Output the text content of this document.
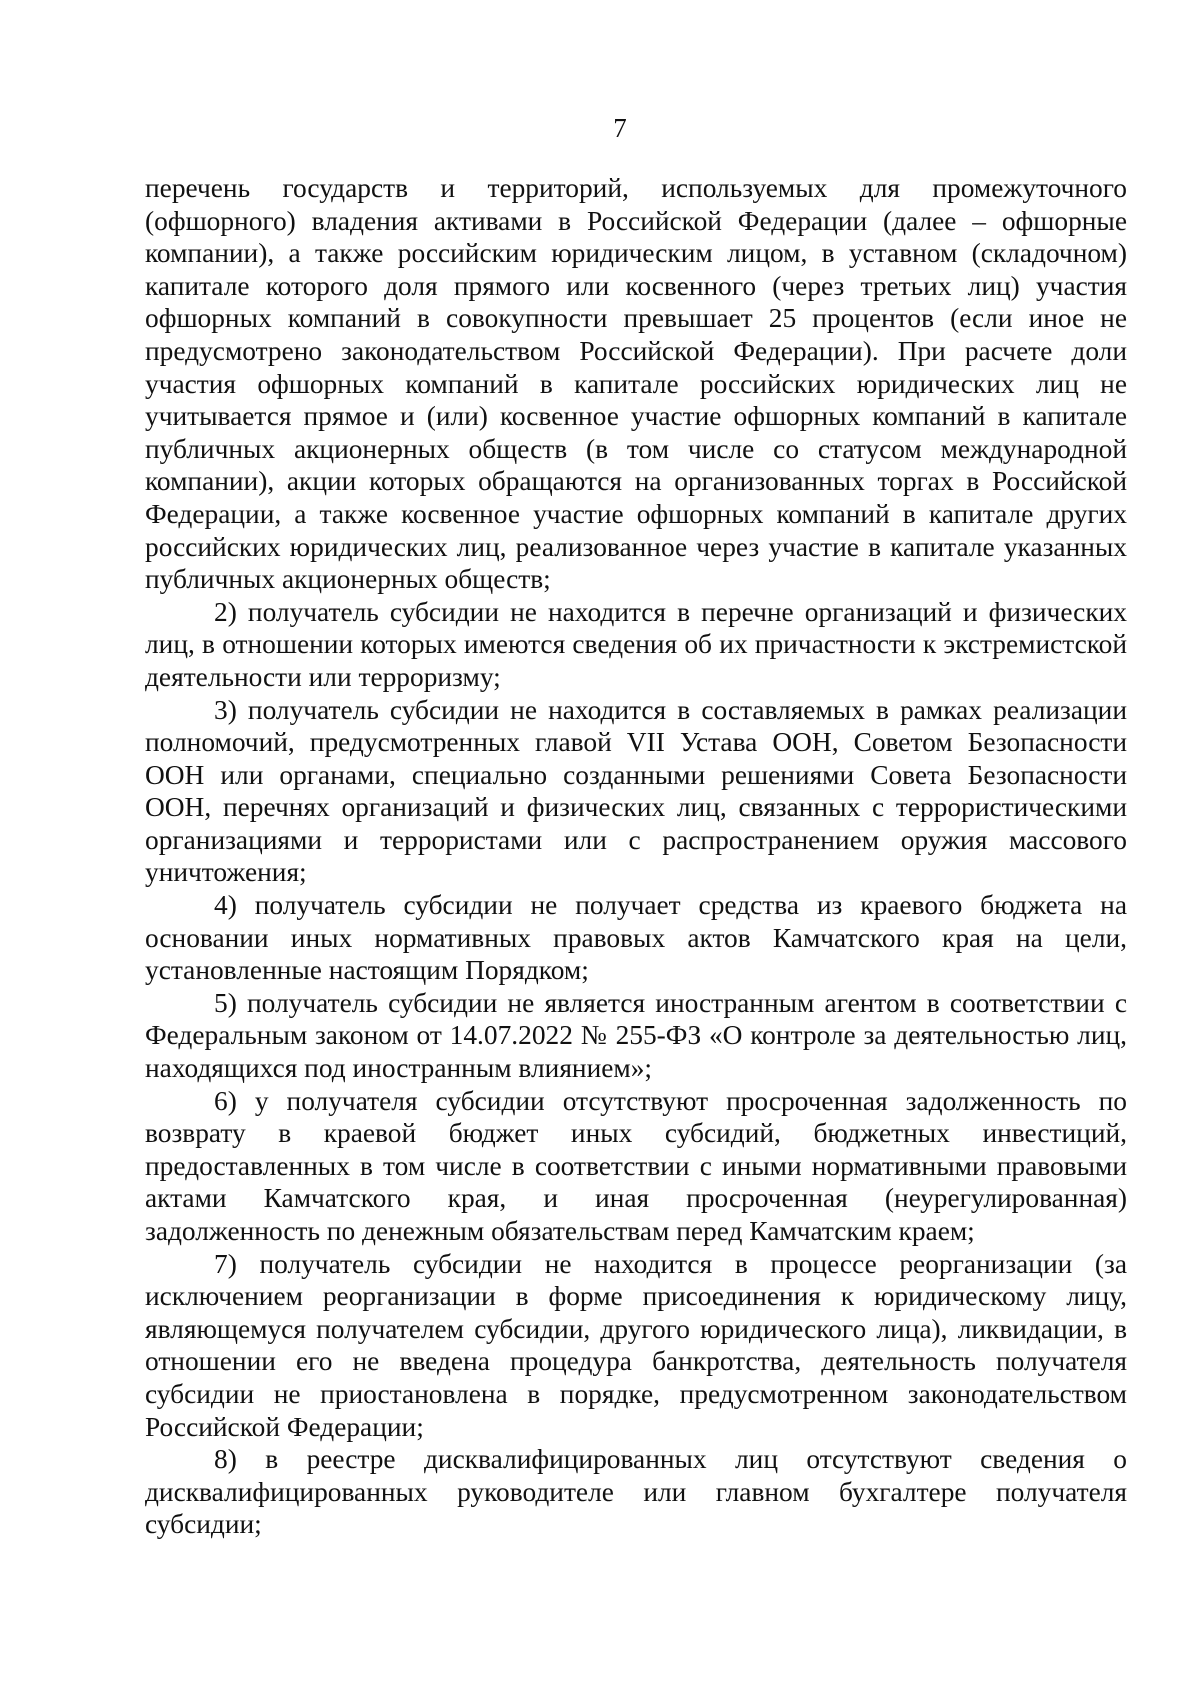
7

перечень государств и территорий, используемых для промежуточного (офшорного) владения активами в Российской Федерации (далее – офшорные компании), а также российским юридическим лицом, в уставном (складочном) капитале которого доля прямого или косвенного (через третьих лиц) участия офшорных компаний в совокупности превышает 25 процентов (если иное не предусмотрено законодательством Российской Федерации). При расчете доли участия офшорных компаний в капитале российских юридических лиц не учитывается прямое и (или) косвенное участие офшорных компаний в капитале публичных акционерных обществ (в том числе со статусом международной компании), акции которых обращаются на организованных торгах в Российской Федерации, а также косвенное участие офшорных компаний в капитале других российских юридических лиц, реализованное через участие в капитале указанных публичных акционерных обществ;

2) получатель субсидии не находится в перечне организаций и физических лиц, в отношении которых имеются сведения об их причастности к экстремистской деятельности или терроризму;

3) получатель субсидии не находится в составляемых в рамках реализации полномочий, предусмотренных главой VII Устава ООН, Советом Безопасности ООН или органами, специально созданными решениями Совета Безопасности ООН, перечнях организаций и физических лиц, связанных с террористическими организациями и террористами или с распространением оружия массового уничтожения;

4) получатель субсидии не получает средства из краевого бюджета на основании иных нормативных правовых актов Камчатского края на цели, установленные настоящим Порядком;

5) получатель субсидии не является иностранным агентом в соответствии с Федеральным законом от 14.07.2022 № 255-ФЗ «О контроле за деятельностью лиц, находящихся под иностранным влиянием»;

6) у получателя субсидии отсутствуют просроченная задолженность по возврату в краевой бюджет иных субсидий, бюджетных инвестиций, предоставленных в том числе в соответствии с иными нормативными правовыми актами Камчатского края, и иная просроченная (неурегулированная) задолженность по денежным обязательствам перед Камчатским краем;

7) получатель субсидии не находится в процессе реорганизации (за исключением реорганизации в форме присоединения к юридическому лицу, являющемуся получателем субсидии, другого юридического лица), ликвидации, в отношении его не введена процедура банкротства, деятельность получателя субсидии не приостановлена в порядке, предусмотренном законодательством Российской Федерации;

8) в реестре дисквалифицированных лиц отсутствуют сведения о дисквалифицированных руководителе или главном бухгалтере получателя субсидии;
